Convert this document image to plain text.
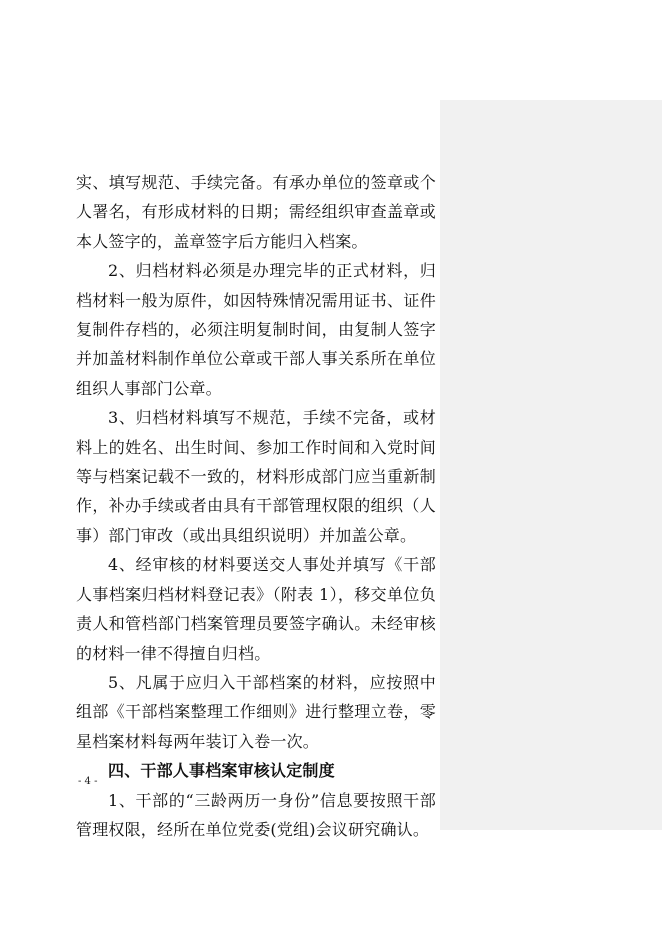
实、填写规范、手续完备。有承办单位的签章或个人署名，有形成材料的日期；需经组织审查盖章或本人签字的，盖章签字后方能归入档案。

2、归档材料必须是办理完毕的正式材料，归档材料一般为原件，如因特殊情况需用证书、证件复制件存档的，必须注明复制时间，由复制人签字并加盖材料制作单位公章或干部人事关系所在单位组织人事部门公章。

3、归档材料填写不规范，手续不完备，或材料上的姓名、出生时间、参加工作时间和入党时间等与档案记载不一致的，材料形成部门应当重新制作，补办手续或者由具有干部管理权限的组织（人事）部门审改（或出具组织说明）并加盖公章。

4、经审核的材料要送交人事处并填写《干部人事档案归档材料登记表》（附表 1），移交单位负责人和管档部门档案管理员要签字确认。未经审核的材料一律不得擅自归档。

5、凡属于应归入干部档案的材料，应按照中组部《干部档案整理工作细则》进行整理立卷，零星档案材料每两年装订入卷一次。

四、干部人事档案审核认定制度

1、干部的“三龄两历一身份”信息要按照干部管理权限，经所在单位党委(党组)会议研究确认。

- 4 -
